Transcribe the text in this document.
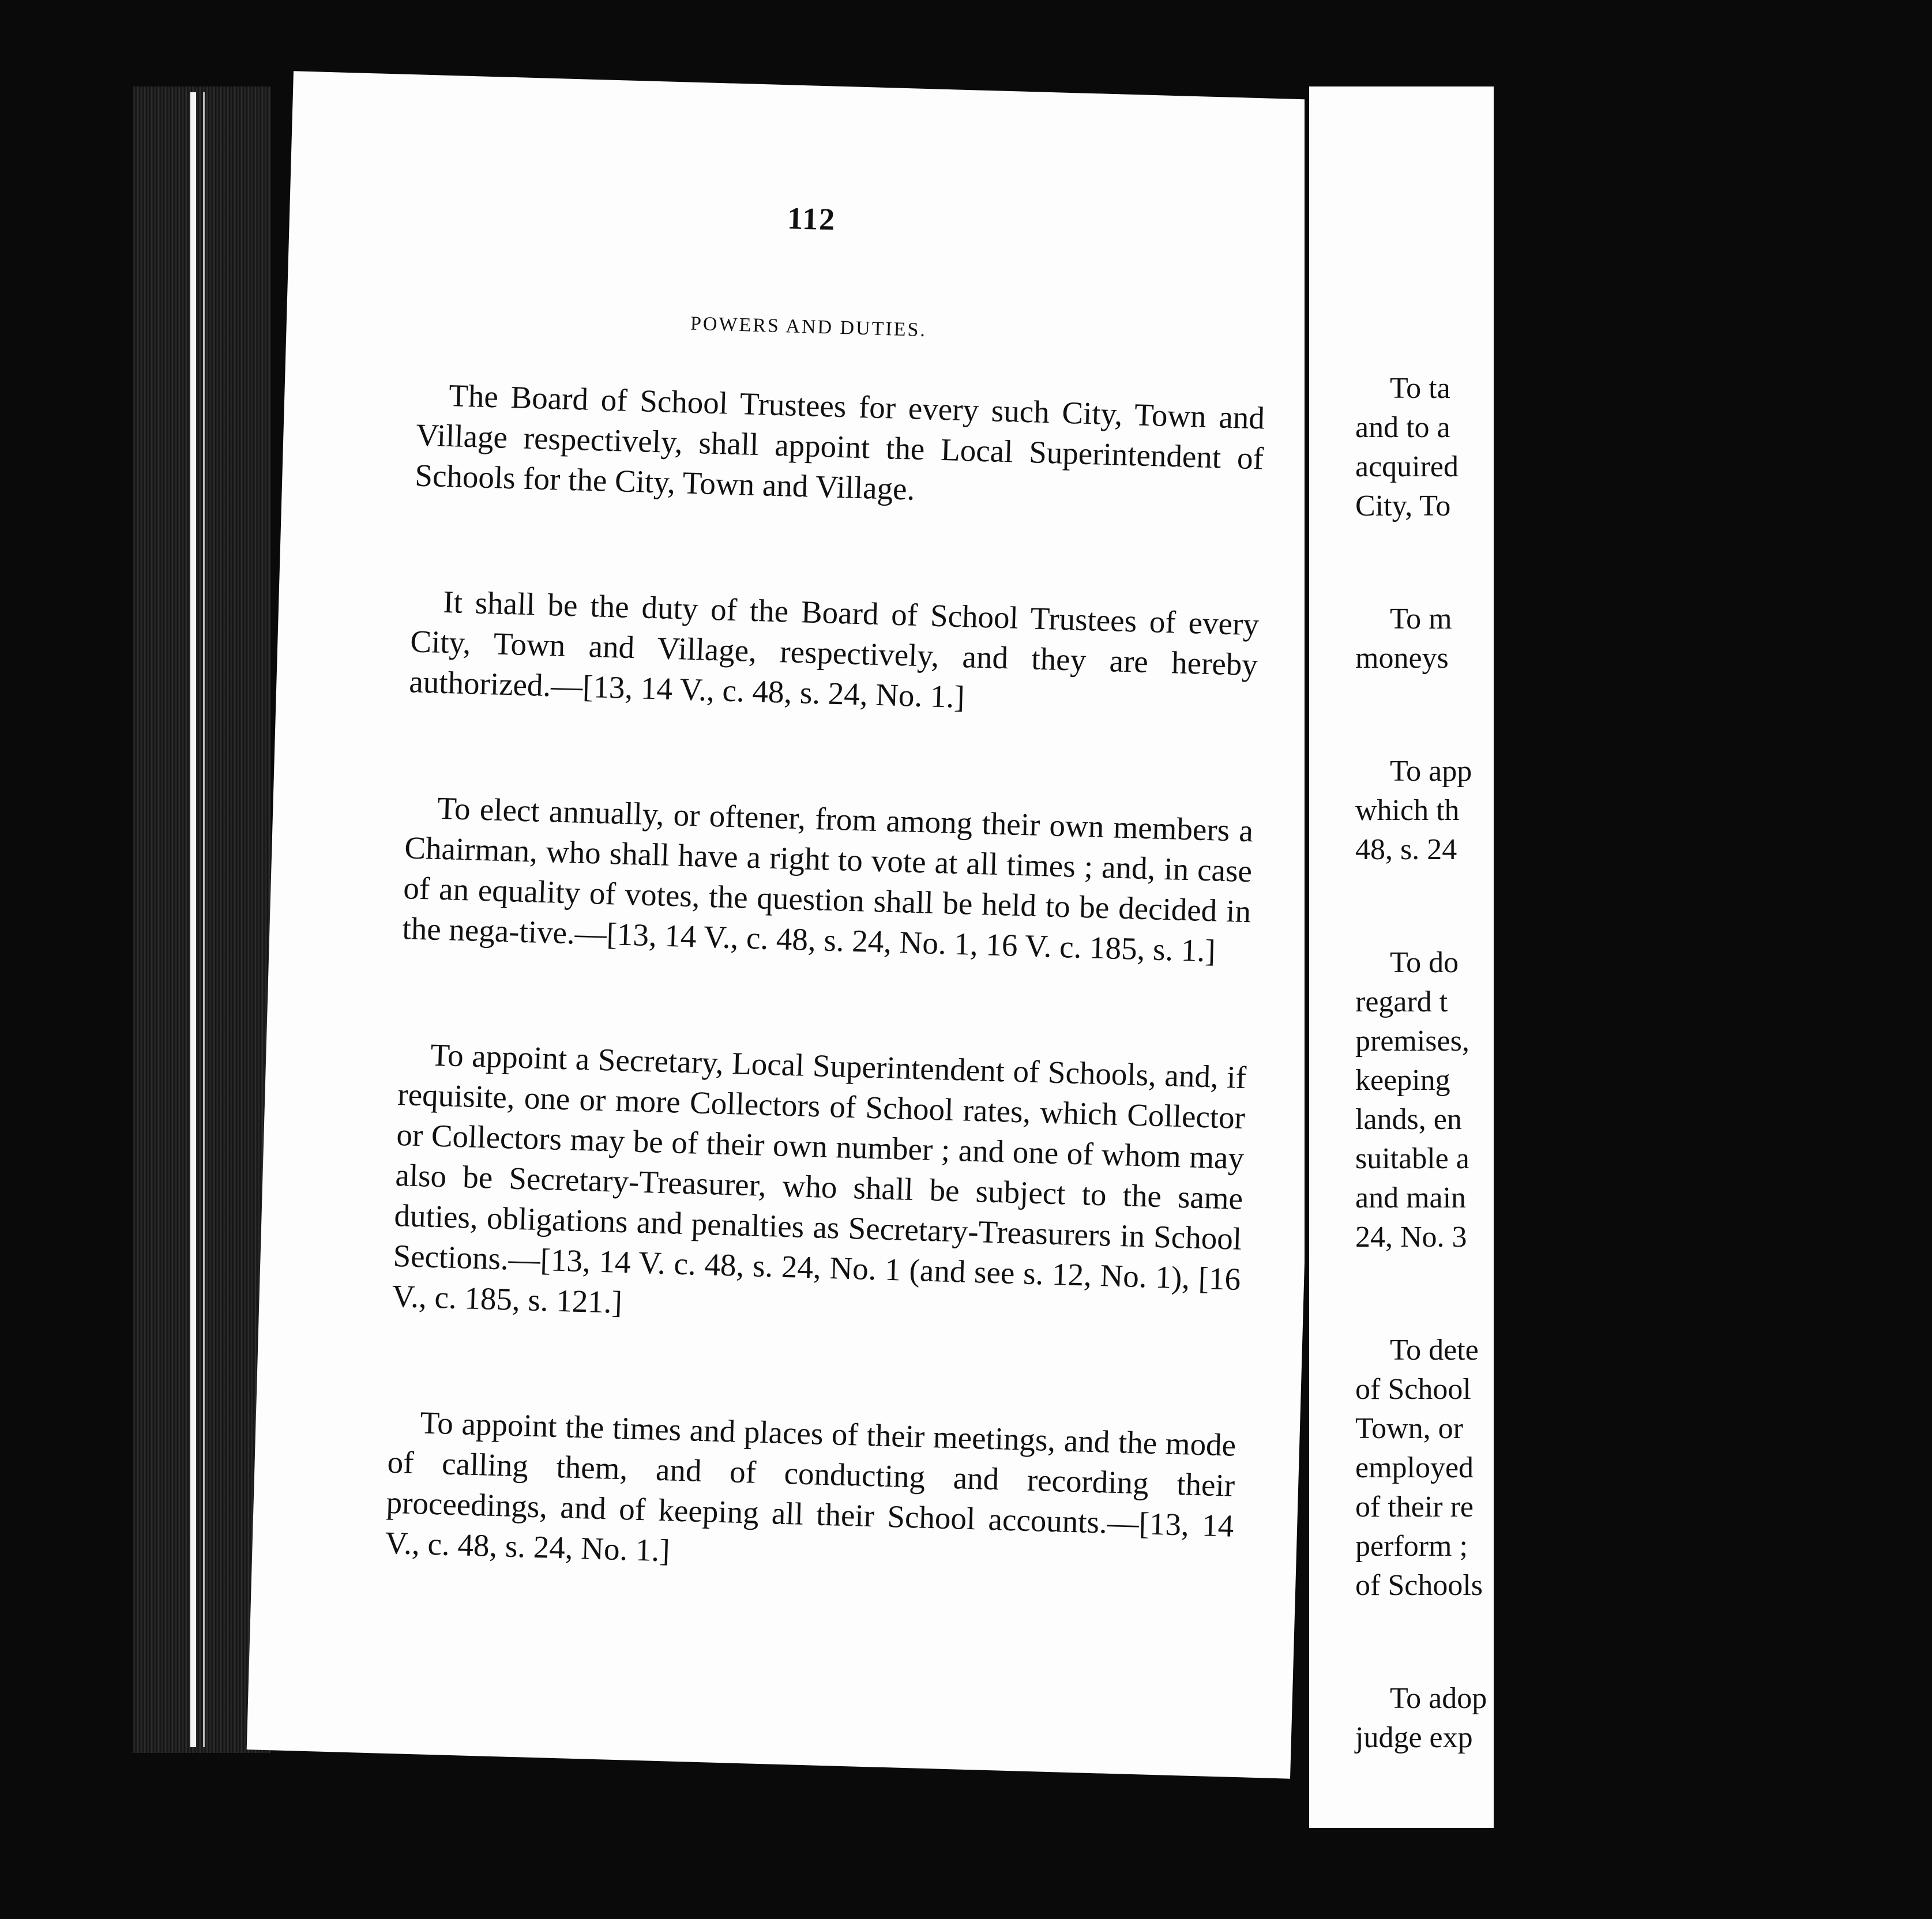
112
POWERS AND DUTIES.

The Board of School Trustees for every such City, Town and Village respectively, shall appoint the Local Superintendent of Schools for the City, Town and Village.

It shall be the duty of the Board of School Trustees of every City, Town and Village, respectively, and they are hereby authorized.—[13, 14 V., c. 48, s. 24, No. 1.]

To elect annually, or oftener, from among their own members a Chairman, who shall have a right to vote at all times ; and, in case of an equality of votes, the question shall be held to be decided in the nega-tive.—[13, 14 V., c. 48, s. 24, No. 1, 16 V. c. 185, s. 1.]

To appoint a Secretary, Local Superintendent of Schools, and, if requisite, one or more Collectors of School rates, which Collector or Collectors may be of their own number ; and one of whom may also be Secretary-Treasurer, who shall be subject to the same duties, obligations and penalties as Secretary-Treasurers in School Sections.—[13, 14 V. c. 48, s. 24, No. 1 (and see s. 12, No. 1), [16 V., c. 185, s. 121.]

To appoint the times and places of their meetings, and the mode of calling them, and of conducting and recording their proceedings, and of keeping all their School accounts.—[13, 14 V., c. 48, s. 24, No. 1.]

To ta
and to a
acquired
City, To
To m
moneys
To app
which th
48, s. 24
To do
regard t
premises,
keeping
lands, en
suitable a
and main
24, No. 3
To dete
of School
Town, or
employed
of their re
perform ;
of Schools
To adop
judge exp
